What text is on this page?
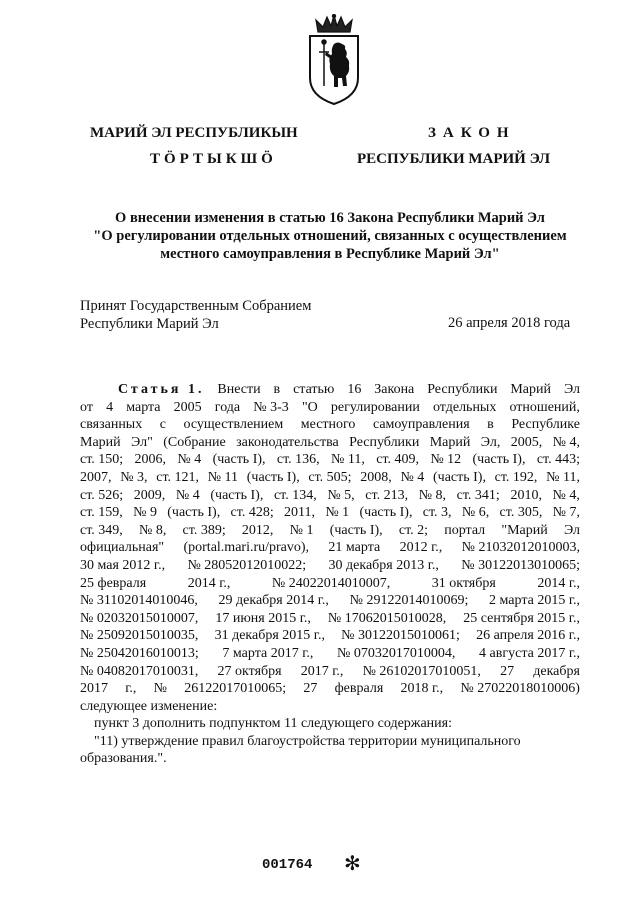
МАРИЙ ЭЛ РЕСПУБЛИКЫН
ТӦРТЫКШӦ
ЗАКОН
РЕСПУБЛИКИ МАРИЙ ЭЛ
О внесении изменения в статью 16 Закона Республики Марий Эл
"О регулировании отдельных отношений, связанных с осуществлением
местного самоуправления в Республике Марий Эл"
Принят Государственным Собранием
Республики Марий Эл	26 апреля 2018 года
Статья 1. Внести в статью 16 Закона Республики Марий Эл
от 4 марта 2005 года № 3-3 "О регулировании отдельных отношений,
связанных с осуществлением местного самоуправления в Республике
Марий Эл" (Собрание законодательства Республики Марий Эл, 2005, № 4,
ст. 150; 2006, № 4 (часть I), ст. 136, № 11, ст. 409, № 12 (часть I), ст. 443;
2007, № 3, ст. 121, № 11 (часть I), ст. 505; 2008, № 4 (часть I), ст. 192, № 11,
ст. 526; 2009, № 4 (часть I), ст. 134, № 5, ст. 213, № 8, ст. 341; 2010, № 4,
ст. 159, № 9 (часть I), ст. 428; 2011, № 1 (часть I), ст. 3, № 6, ст. 305, № 7,
ст. 349, № 8, ст. 389; 2012, № 1 (часть I), ст. 2; портал "Марий Эл
официальная" (portal.mari.ru/pravo), 21 марта 2012 г., № 21032012010003,
30 мая 2012 г., № 28052012010022; 30 декабря 2013 г., № 30122013010065;
25 февраля	2014 г.,	№ 24022014010007,	31 октября	2014 г.,
№ 31102014010046, 29 декабря 2014 г., № 29122014010069; 2 марта 2015 г.,
№ 02032015010007, 17 июня 2015 г., № 17062015010028, 25 сентября 2015 г.,
№ 25092015010035, 31 декабря 2015 г., № 30122015010061; 26 апреля 2016 г.,
№ 25042016010013; 7 марта 2017 г., № 07032017010004, 4 августа 2017 г.,
№ 04082017010031, 27 октября 2017 г., № 26102017010051, 27 декабря
2017 г., № 26122017010065; 27 февраля 2018 г., № 27022018010006)
следующее изменение:
пункт 3 дополнить подпунктом 11 следующего содержания:
"11) утверждение правил благоустройства территории муниципального
образования.".
001764 ✻
